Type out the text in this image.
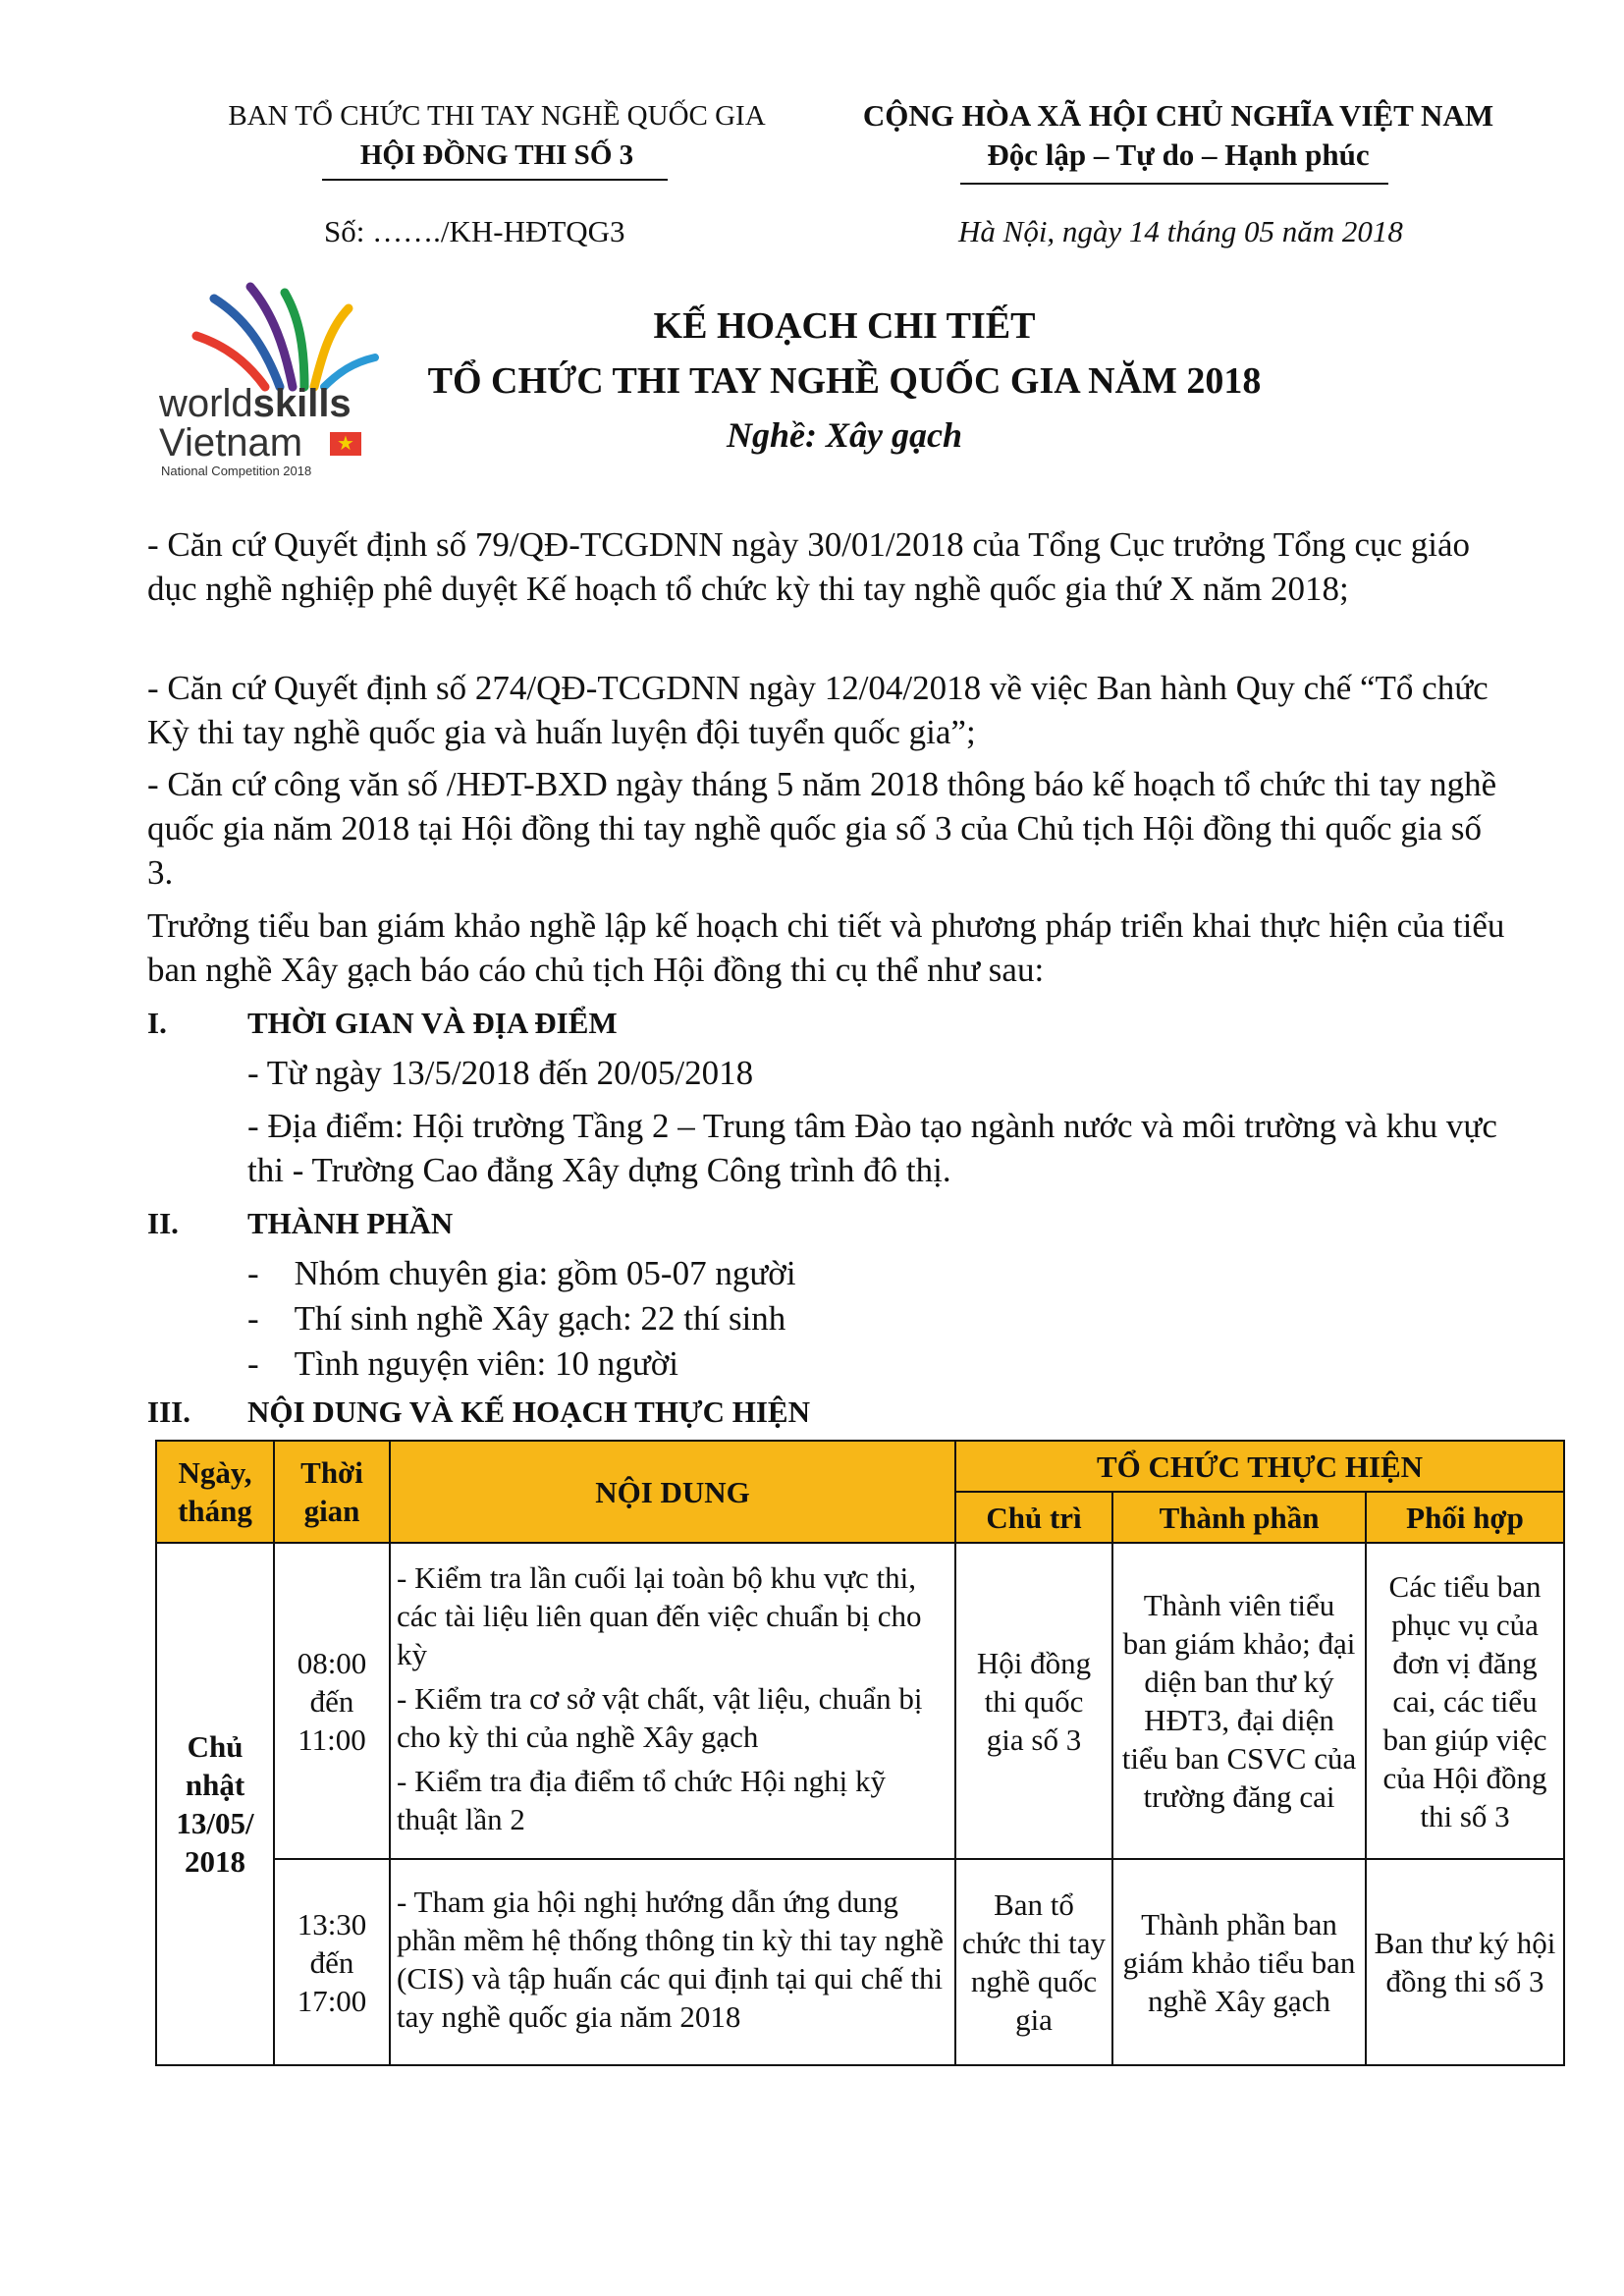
BAN TỔ CHỨC THI TAY NGHỀ QUỐC GIA
HỘI ĐỒNG THI SỐ 3
CỘNG HÒA XÃ HỘI CHỦ NGHĨA VIỆT NAM
Độc lập – Tự do – Hạnh phúc
Số: ……./KH-HĐTQG3	Hà Nội, ngày 14 tháng 05 năm 2018
worldskills
Vietnam	★
National Competition 2018
KẾ HOẠCH CHI TIẾT
TỔ CHỨC THI TAY NGHỀ QUỐC GIA NĂM 2018
Nghề: Xây gạch
- Căn cứ Quyết định số 79/QĐ-TCGDNN ngày 30/01/2018 của Tổng Cục trưởng Tổng cục giáo dục nghề nghiệp phê duyệt Kế hoạch tổ chức kỳ thi tay nghề quốc gia thứ X năm 2018;
- Căn cứ Quyết định số 274/QĐ-TCGDNN ngày 12/04/2018 về việc Ban hành Quy chế “Tổ chức Kỳ thi tay nghề quốc gia và huấn luyện đội tuyển quốc gia”;
- Căn cứ công văn số /HĐT-BXD ngày tháng 5 năm 2018 thông báo kế hoạch tổ chức thi tay nghề quốc gia năm 2018 tại Hội đồng thi tay nghề quốc gia số 3 của Chủ tịch Hội đồng thi quốc gia số 3.
Trưởng tiểu ban giám khảo nghề lập kế hoạch chi tiết và phương pháp triển khai thực hiện của tiểu ban nghề Xây gạch báo cáo chủ tịch Hội đồng thi cụ thể như sau:
I.	THỜI GIAN VÀ ĐỊA ĐIỂM
- Từ ngày 13/5/2018 đến 20/05/2018
- Địa điểm: Hội trường Tầng 2 – Trung tâm Đào tạo ngành nước và môi trường và khu vực thi - Trường Cao đẳng Xây dựng Công trình đô thị.
II. THÀNH PHẦN
- Nhóm chuyên gia: gồm 05-07 người
- Thí sinh nghề Xây gạch: 22 thí sinh
- Tình nguyện viên: 10 người
III. NỘI DUNG VÀ KẾ HOẠCH THỰC HIỆN
Ngày, tháng	Thời gian	NỘI DUNG	TỔ CHỨC THỰC HIỆN		
			Chủ trì	Thành phần	Phối hợp
Chủ nhật 13/05/ 2018	08:00 đến 11:00	- Kiểm tra lần cuối lại toàn bộ khu vực thi, các tài liệu liên quan đến việc chuẩn bị cho kỳ

- Kiểm tra cơ sở vật chất, vật liệu, chuẩn bị cho kỳ thi của nghề Xây gạch

- Kiểm tra địa điểm tổ chức Hội nghị kỹ thuật lần 2	Hội đồng thi quốc gia số 3	Thành viên tiểu ban giám khảo; đại diện ban thư ký HĐT3, đại diện tiểu ban CSVC của trường đăng cai	Các tiểu ban phục vụ của đơn vị đăng cai, các tiểu ban giúp việc của Hội đồng thi số 3
	13:30 đến 17:00	- Tham gia hội nghị hướng dẫn ứng dung phần mềm hệ thống thông tin kỳ thi tay nghề (CIS) và tập huấn các qui định tại qui chế thi tay nghề quốc gia năm 2018	Ban tổ chức thi tay nghề quốc gia	Thành phần ban giám khảo tiểu ban nghề Xây gạch	Ban thư ký hội đồng thi số 3
